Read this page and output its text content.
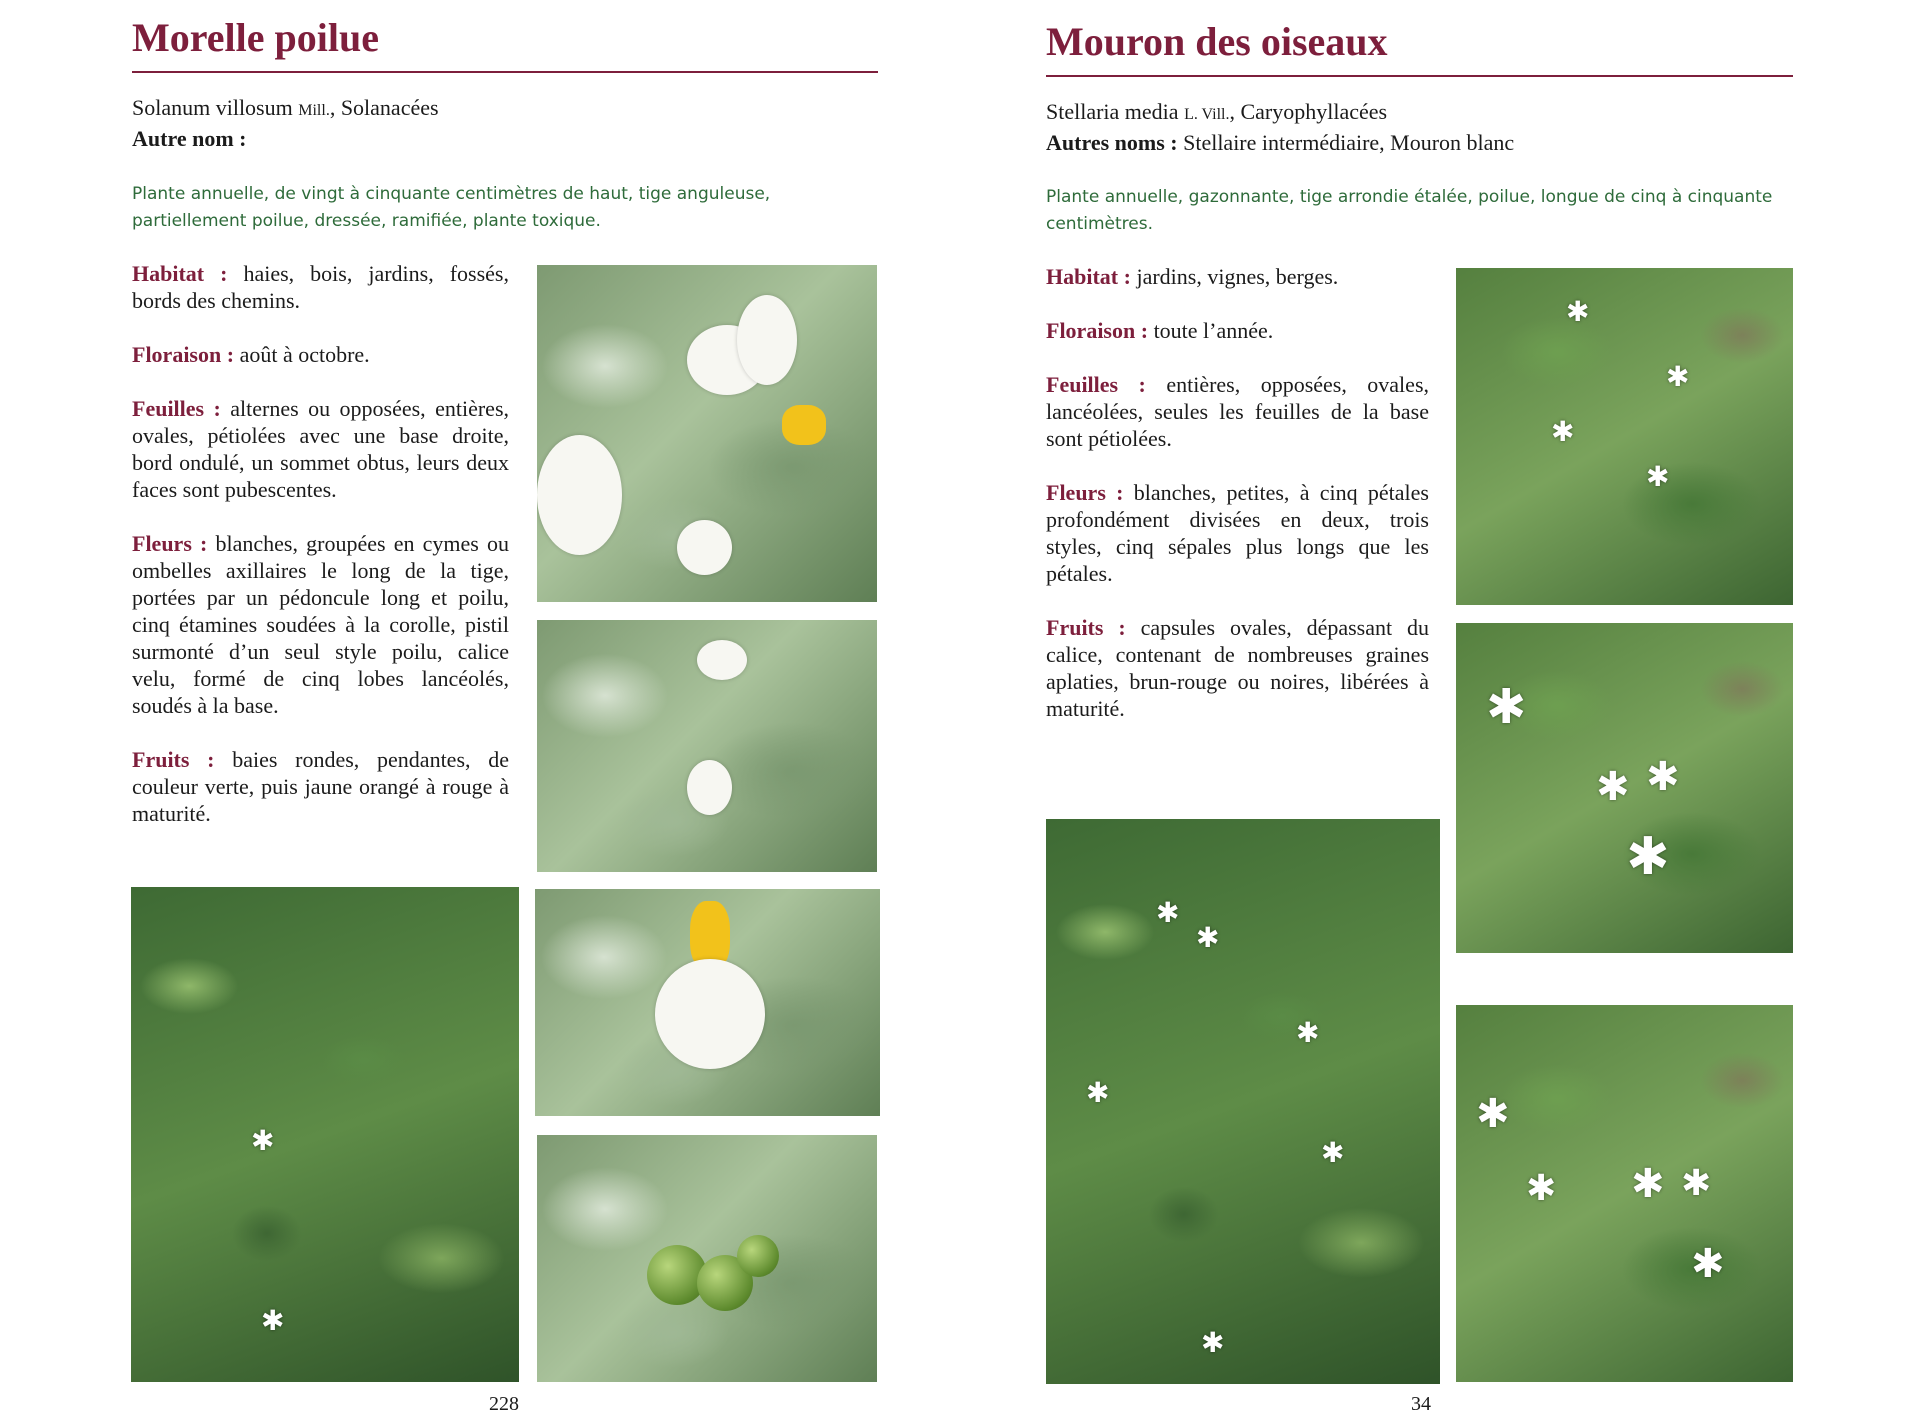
Morelle poilue
Solanum villosum Mill., Solanacées
Autre nom :

Plante annuelle, de vingt à cinquante centimètres de haut, tige anguleuse, partiellement poilue, dressée, ramifiée, plante toxique.

Habitat : haies, bois, jardins, fossés, bords des chemins.

Floraison : août à octobre.

Feuilles : alternes ou opposées, entières, ovales, pétiolées avec une base droite, bord ondulé, un sommet obtus, leurs deux faces sont pubescentes.

Fleurs : blanches, groupées en cymes ou ombelles axillaires le long de la tige, portées par un pédoncule long et poilu, cinq étamines soudées à la corolle, pistil surmonté d’un seul style poilu, calice velu, formé de cinq lobes lancéolés, soudés à la base.

Fruits : baies rondes, pendantes, de couleur verte, puis jaune orangé à rouge à maturité.

✱
✱
228
Mouron des oiseaux
Stellaria media L. Vill., Caryophyllacées
Autres noms : Stellaire intermédiaire, Mouron blanc

Plante annuelle, gazonnante, tige arrondie étalée, poilue, longue de cinq à cinquante centimètres.

Habitat : jardins, vignes, berges.

Floraison : toute l’année.

Feuilles : entières, opposées, ovales, lancéolées, seules les feuilles de la base sont pétiolées.

Fleurs : blanches, petites, à cinq pétales profondément divisées en deux, trois styles, cinq sépales plus longs que les pétales.

Fruits : capsules ovales, dépassant du calice, contenant de nombreuses graines aplaties, brun-rouge ou noires, libérées à maturité.

✱
✱
✱
✱
✱
✱ ✱
✱
✱
✱
✱
✱
✱
✱
✱
✱ ✱ ✱
✱
34
